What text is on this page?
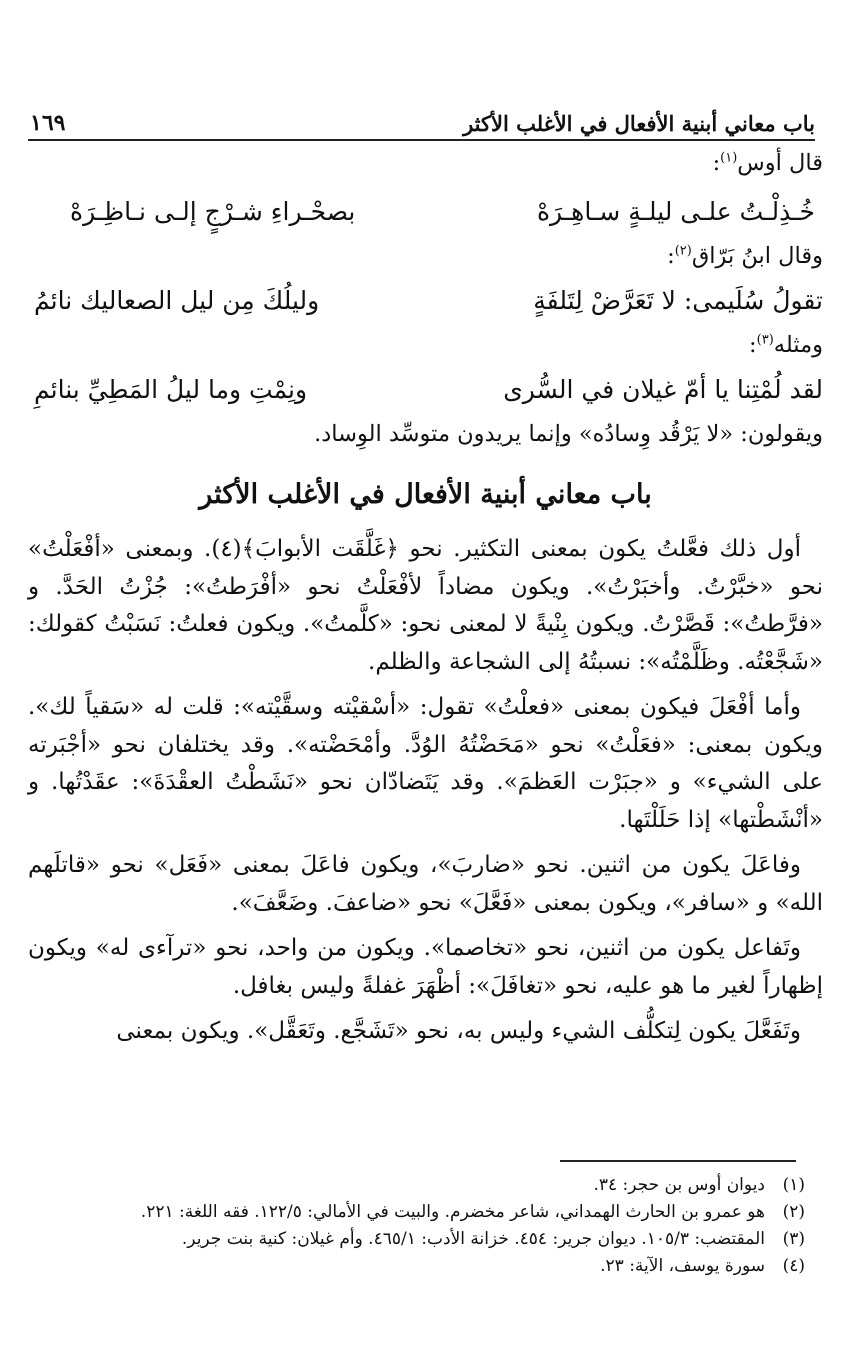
باب معاني أبنية الأفعال في الأغلب الأكثر
١٦٩

قال أوس$^{(١)}$:

خُـذِلْـتُ علـى ليلـةٍ سـاهِـرَهْ
بصحْـراءِ شـرْجٍ إلـى نـاظِـرَهْ

وقال ابنُ بَرّاق$^{(٢)}$:

تقولُ سُلَيمى: لا تَعَرَّضْ لِتَلفَةٍ
وليلُكَ مِن ليل الصعاليك نائمُ

ومثله$^{(٣)}$:

لقد لُمْتِنا يا أمّ غيلان في السُّرى
ونِمْتِ وما ليلُ المَطِيِّ بنائمِ

ويقولون: «لا يَرْقُد وِسادُه» وإنما يريدون متوسِّد الوِساد.

باب معاني أبنية الأفعال في الأغلب الأكثر

أول ذلك فعَّلتُ يكون بمعنى التكثير. نحو ﴿غَلَّقَت الأبوابَ﴾(٤). وبمعنى «أفْعَلْتُ» نحو «خبَّرْتُ. وأخبَرْتُ». ويكون مضاداً لأفْعَلْتُ نحو «أفْرَطتُ»: جُزْتُ الحَدَّ. و «فرَّطتُ»: قَصَّرْتُ. ويكون بِنْيةً لا لمعنى نحو: «كلَّمتُ». ويكون فعلتُ: نَسَبْتُ كقولك: «شَجَّعْتُه. وظَلَّمْتُه»: نسبتُهُ إلى الشجاعة والظلم.

وأما أفْعَلَ فيكون بمعنى «فعلْتُ» تقول: «أسْقيْته وسقَّيْته»: قلت له «سَقياً لك». ويكون بمعنى: «فعَلْتُ» نحو «مَحَضْتُهُ الوُدَّ. وأمْحَضْته». وقد يختلفان نحو «أجْبَرته على الشيء» و «جبَرْت العَظمَ». وقد يَتَضادّان نحو «نَشَطْتُ العقْدَةَ»: عقَدْتُها. و «أنْشَطْتها» إذا حَلَلْتَها.

وفاعَلَ يكون من اثنين. نحو «ضاربَ»، ويكون فاعَلَ بمعنى «فَعَل» نحو «قاتلَهم الله» و «سافر»، ويكون بمعنى «فَعَّلَ» نحو «ضاعفَ. وضَعَّفَ».

وتَفاعل يكون من اثنين، نحو «تخاصما». ويكون من واحد، نحو «ترآءى له» ويكون إظهاراً لغير ما هو عليه، نحو «تغافَلَ»: أظْهَرَ غفلةً وليس بغافل.

وتَفَعَّلَ يكون لِتكلُّف الشيء وليس به، نحو «تَشَجَّع. وتَعَقَّل». ويكون بمعنى

(١)
ديوان أوس بن حجر: ٣٤.
(٢)
هو عمرو بن الحارث الهمداني، شاعر مخضرم. والبيت في الأمالي: ١٢٢/٥. فقه اللغة: ٢٢١.
(٣)
المقتضب: ١٠٥/٣. ديوان جرير: ٤٥٤. خزانة الأدب: ٤٦٥/١. وأم غيلان: كنية بنت جرير.
(٤)
سورة يوسف، الآية: ٢٣.
